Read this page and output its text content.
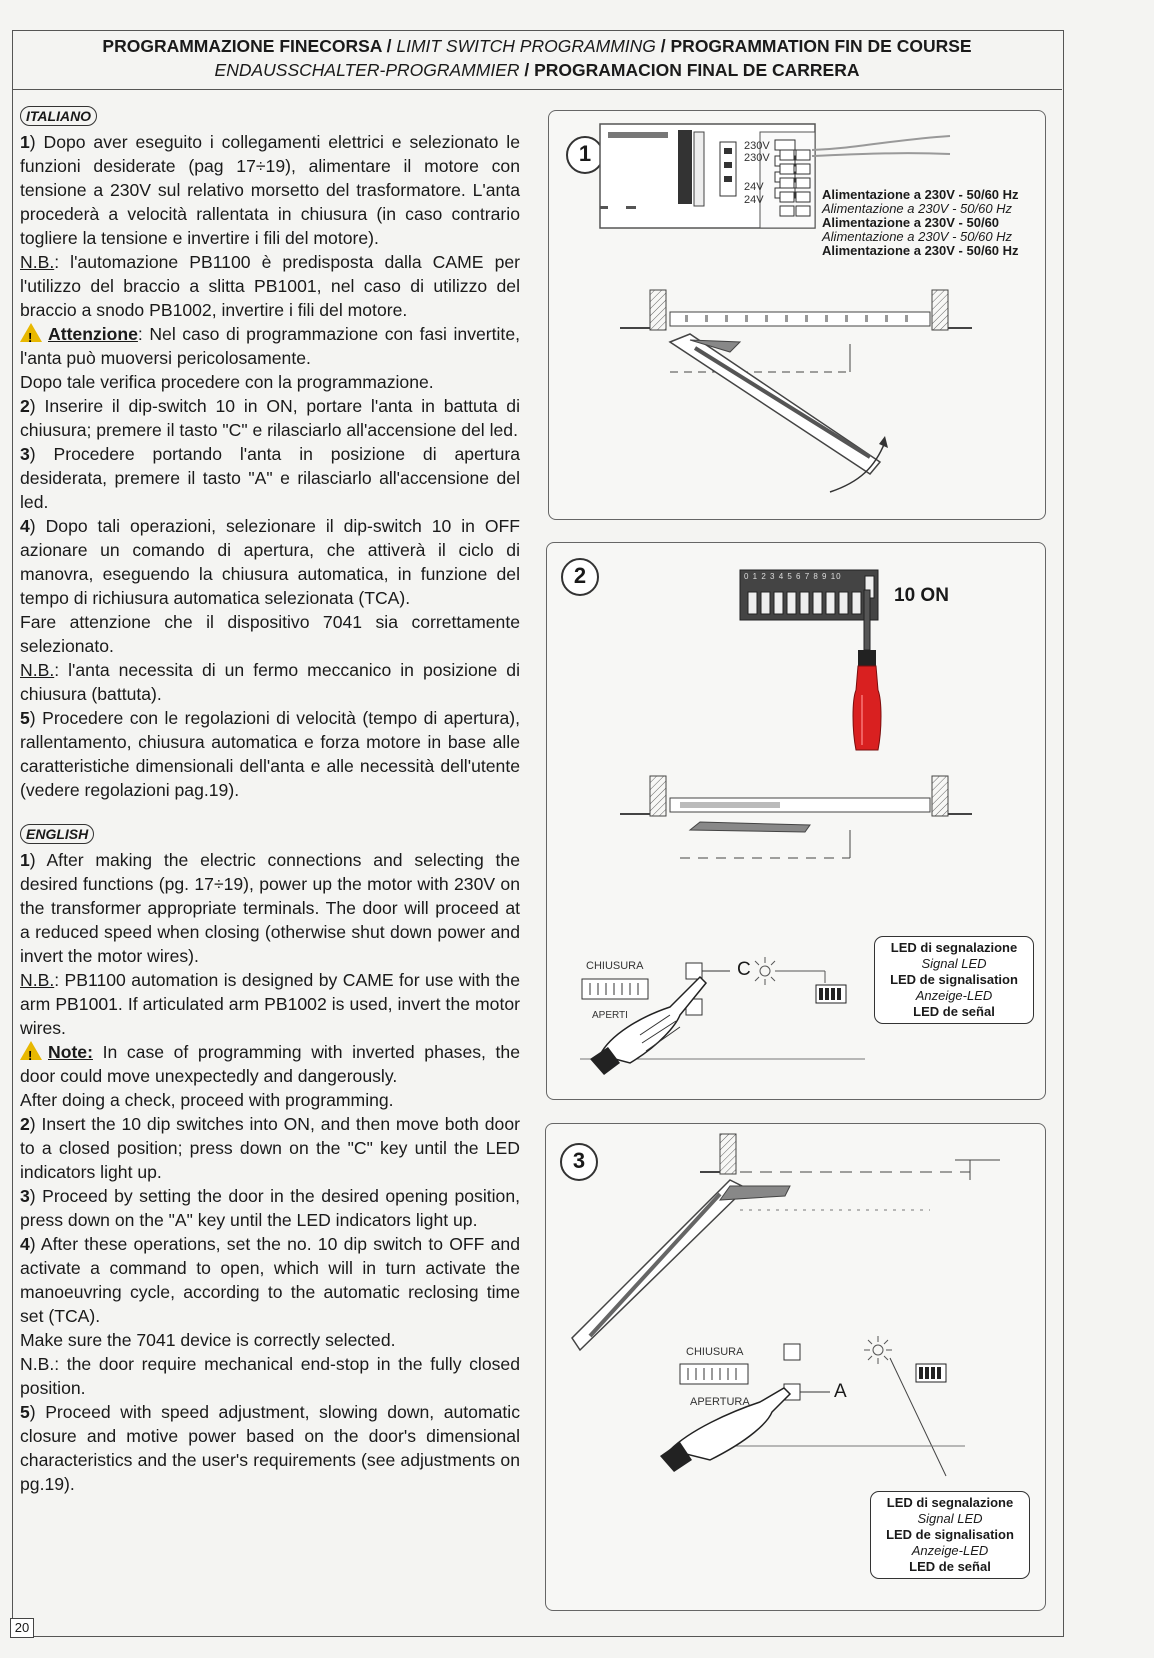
PROGRAMMAZIONE FINECORSA / LIMIT SWITCH PROGRAMMING / PROGRAMMATION FIN DE COURSE
ENDAUSSCHALTER-PROGRAMMIER / PROGRAMACION FINAL DE CARRERA
ITALIANO

1) Dopo aver eseguito i collegamenti elettrici e selezionato le funzioni desiderate (pag 17÷19), alimentare il motore con tensione a 230V sul relativo morsetto del trasformatore. L'anta procederà a velocità rallentata in chiusura (in caso contrario togliere la tensione e invertire i fili del motore).

N.B.: l'automazione PB1100 è predisposta dalla CAME per l'utilizzo del braccio a slitta PB1001, nel caso di utilizzo del braccio a snodo PB1002, invertire i fili del motore.

!Attenzione: Nel caso di programmazione con fasi invertite, l'anta può muoversi pericolosamente.

Dopo tale verifica procedere con la programmazione.

2) Inserire il dip-switch 10 in ON, portare l'anta in battuta di chiusura; premere il tasto "C" e rilasciarlo all'accensione del led.

3) Procedere portando l'anta in posizione di apertura desiderata, premere il tasto "A" e rilasciarlo all'accensione del led.

4) Dopo tali operazioni, selezionare il dip-switch 10 in OFF azionare un comando di apertura, che attiverà il ciclo di manovra, eseguendo la chiusura automatica, in funzione del tempo di richiusura automatica selezionata (TCA).

Fare attenzione che il dispositivo 7041 sia correttamente selezionato.

N.B.: l'anta necessita di un fermo meccanico in posizione di chiusura (battuta).

5) Procedere con le regolazioni di velocità (tempo di apertura), rallentamento, chiusura automatica e forza motore in base alle caratteristiche dimensionali dell'anta e alle necessità dell'utente (vedere regolazioni pag.19).

ENGLISH

1) After making the electric connections and selecting the desired functions (pg. 17÷19), power up the motor with 230V on the transformer appropriate terminals. The door will proceed at a reduced speed when closing (otherwise shut down power and invert the motor wires).

N.B.: PB1100 automation is designed by CAME for use with the arm PB1001. If articulated arm PB1002 is used, invert the motor wires.

!Note: In case of programming with inverted phases, the door could move unexpectedly and dangerously.

After doing a check, proceed with programming.

2) Insert the 10 dip switches into ON, and then move both door to a closed position; press down on the "C" key until the LED indicators light up.

3) Proceed by setting the door in the desired opening position, press down on the "A" key until the LED indicators light up.

4) After these operations, set the no. 10 dip switch to OFF and activate a command to open, which will in turn activate the manoeuvring cycle, according to the automatic reclosing time set (TCA).

Make sure the 7041 device is correctly selected.

N.B.: the door require mechanical end-stop in the fully closed position.

5) Proceed with speed adjustment, slowing down, automatic closure and motive power based on the door's dimensional characteristics and the user's requirements (see adjustments on pg.19).

1	230V
230V
24V
24V	Alimentazione a 230V - 50/60 Hz
Alimentazione a 230V - 50/60 Hz
Alimentazione a 230V - 50/60
Alimentazione a 230V - 50/60 Hz
Alimentazione a 230V - 50/60 Hz
2	0 1 2 3 4 5 6 7 8 9 10
10 ON
CHIUSURA	C
APERTI
LED di segnalazione
Signal LED
LED de signalisation
Anzeige-LED
LED de señal
3
CHIUSURA
APERTURA	A
LED di segnalazione
Signal LED
LED de signalisation
Anzeige-LED
LED de señal
20
